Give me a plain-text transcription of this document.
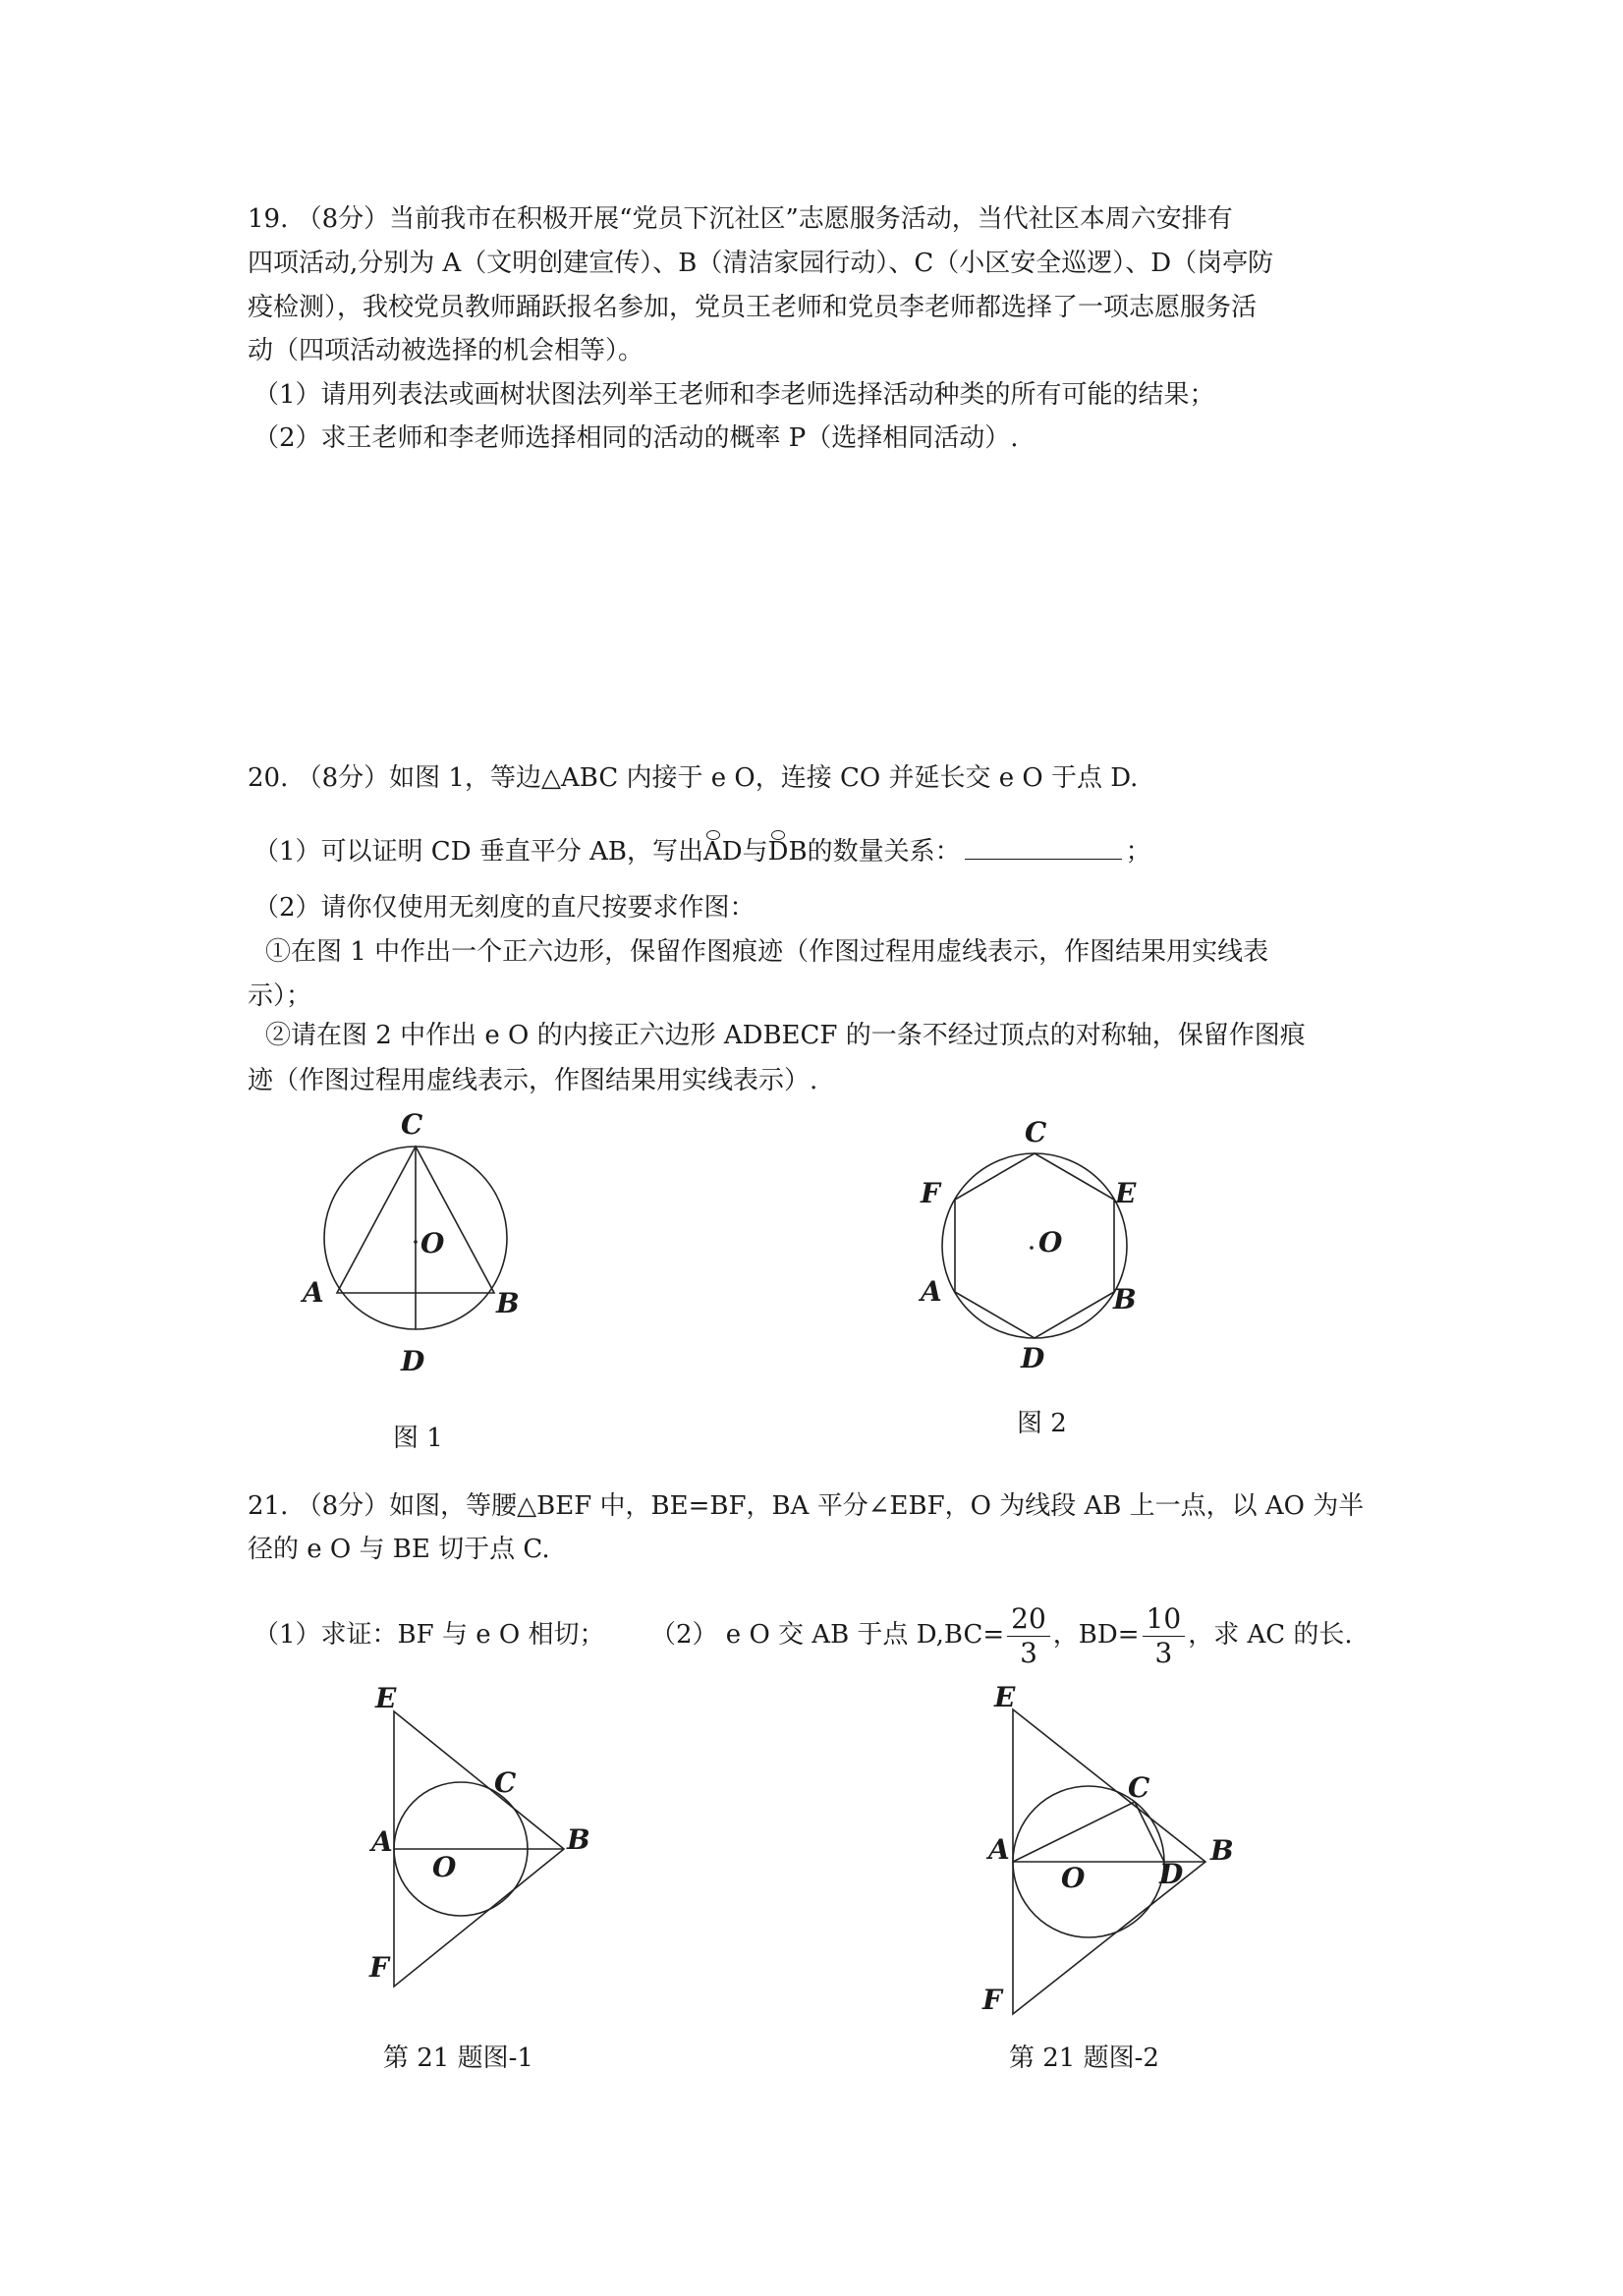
19. （8分）当前我市在积极开展“党员下沉社区”志愿服务活动，当代社区本周六安排有
四项活动,分别为 A（文明创建宣传）、B（清洁家园行动）、C（小区安全巡逻）、D（岗亭防
疫检测），我校党员教师踊跃报名参加，党员王老师和党员李老师都选择了一项志愿服务活
动（四项活动被选择的机会相等）。
（1）请用列表法或画树状图法列举王老师和李老师选择活动种类的所有可能的结果；
（2）求王老师和李老师选择相同的活动的概率 P（选择相同活动）.
20. （8分）如图 1，等边△ABC 内接于 e O，连接 CO 并延长交 e O 于点 D.
（1）可以证明 CD 垂直平分 AB，写出AD与DB的数量关系：	；
（2）请你仅使用无刻度的直尺按要求作图：
①在图 1 中作出一个正六边形，保留作图痕迹（作图过程用虚线表示，作图结果用实线表
示）；
②请在图 2 中作出 e O 的内接正六边形 ADBECF 的一条不经过顶点的对称轴，保留作图痕
迹（作图过程用虚线表示，作图结果用实线表示）.
C
O
A	B
D
图 1
C
F	E
O
A	B
D
图 2
21. （8分）如图，等腰△BEF 中，BE=BF，BA 平分∠EBF，O 为线段 AB 上一点，以 AO 为半
径的 e O 与 BE 切于点 C.
（1）求证：BF 与 e O 相切； （2） e O 交 AB 于点 $D,BC= \frac{20}{3}$ ，$BD= \frac{10}{3}$ ，求 AC 的长.
E
C
A	B
O
F
第 21 题图-1
E
C
A	B
O	D
F
第 21 题图-2
